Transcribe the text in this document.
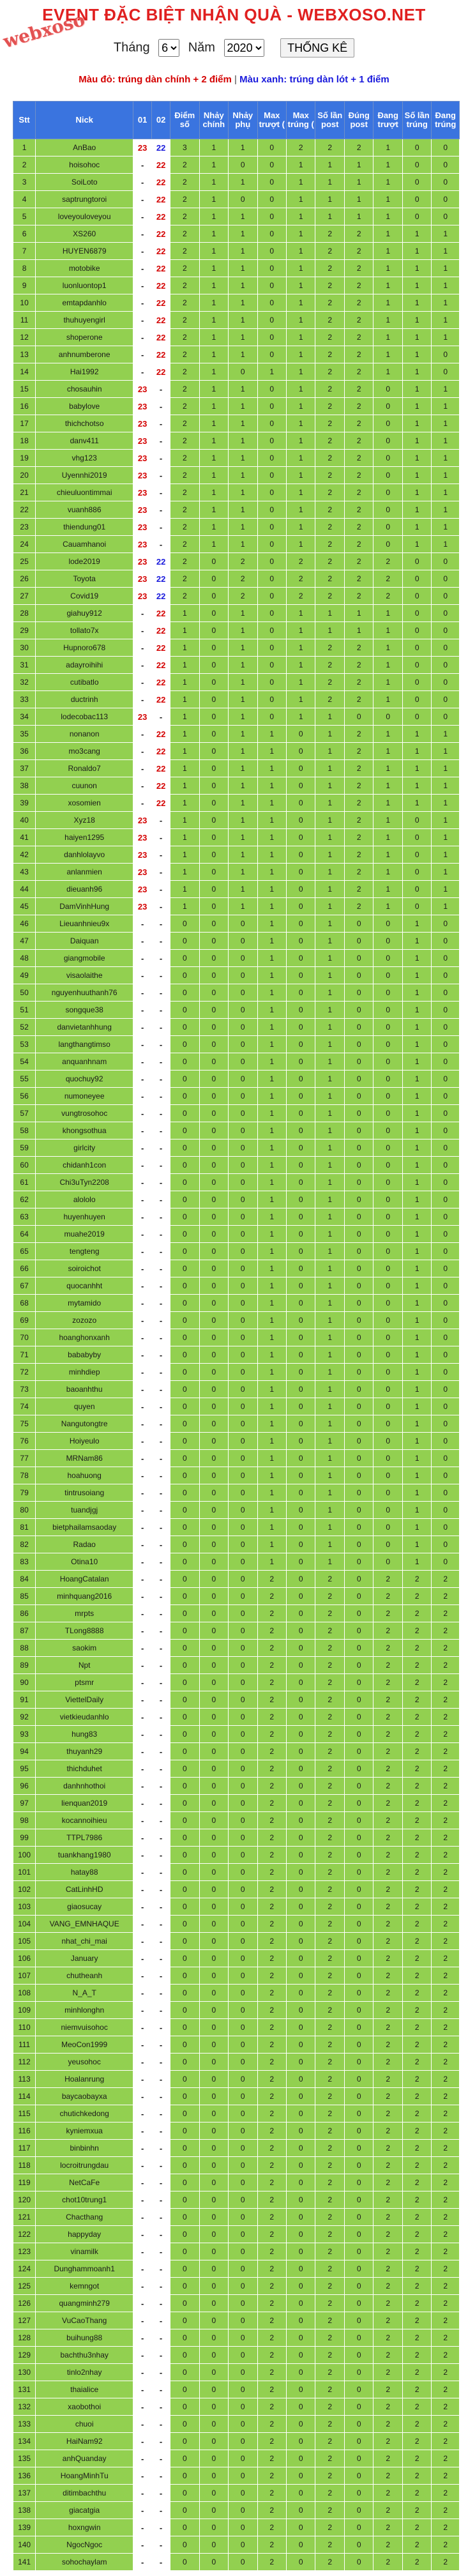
webxoso
EVENT ĐẶC BIỆT NHẬN QUÀ - WEBXOSO.NET
Tháng
6	Năm
2020	THỐNG KÊ
Màu đỏ: trúng dàn chính + 2 điểm | Màu xanh: trúng dàn lót + 1 điểm
Stt	Nick	01	02	Điểm số	Nhảy chính	Nhảy phụ	Max trượt (	Max trúng (	Số lần post	Đúng post	Đang trượt	Số lần trúng	Đang trúng
1	AnBao	23	22	3	1	1	0	2	2	2	1	0	0
2	hoisohoc	-	22	2	1	0	0	1	1	1	1	0	0
3	SoiLoto	-	22	2	1	1	0	1	1	1	1	0	0
4	saptrungtoroi	-	22	2	1	0	0	1	1	1	1	0	0
5	loveyouloveyou	-	22	2	1	1	0	1	1	1	1	0	0
6	XS260	-	22	2	1	1	0	1	2	2	1	1	1
7	HUYEN6879	-	22	2	1	1	0	1	2	2	1	1	1
8	motobike	-	22	2	1	1	0	1	2	2	1	1	1
9	luonluontop1	-	22	2	1	1	0	1	2	2	1	1	1
10	emtapdanhlo	-	22	2	1	1	0	1	2	2	1	1	1
11	thuhuyengirl	-	22	2	1	1	0	1	2	2	1	1	1
12	shoperone	-	22	2	1	1	0	1	2	2	1	1	1
13	anhnumberone	-	22	2	1	1	0	1	2	2	1	1	0
14	Hai1992	-	22	2	1	0	1	1	2	2	1	1	0
15	chosauhin	23	-	2	1	1	0	1	2	2	0	1	1
16	babylove	23	-	2	1	1	0	1	2	2	0	1	1
17	thichchotso	23	-	2	1	1	0	1	2	2	0	1	1
18	danv411	23	-	2	1	1	0	1	2	2	0	1	1
19	vhg123	23	-	2	1	1	0	1	2	2	0	1	1
20	Uyennhi2019	23	-	2	1	1	0	1	2	2	0	1	1
21	chieuluontimmai	23	-	2	1	1	0	1	2	2	0	1	1
22	vuanh886	23	-	2	1	1	0	1	2	2	0	1	1
23	thiendung01	23	-	2	1	1	0	1	2	2	0	1	1
24	Cauamhanoi	23	-	2	1	1	0	1	2	2	0	1	1
25	lode2019	23	22	2	0	2	0	2	2	2	2	0	0
26	Toyota	23	22	2	0	2	0	2	2	2	2	0	0
27	Covid19	23	22	2	0	2	0	2	2	2	2	0	0
28	giahuy912	-	22	1	0	1	0	1	1	1	1	0	0
29	tollato7x	-	22	1	0	1	0	1	1	1	1	0	0
30	Hupnoro678	-	22	1	0	1	0	1	2	2	1	0	0
31	adayroihihi	-	22	1	0	1	0	1	2	2	1	0	0
32	cutibatlo	-	22	1	0	1	0	1	2	2	1	0	0
33	ductrinh	-	22	1	0	1	0	1	2	2	1	0	0
34	lodecobac113	23	-	1	0	1	0	1	1	0	0	0	0
35	nonanon	-	22	1	0	1	1	0	1	2	1	1	1
36	mo3cang	-	22	1	0	1	1	0	1	2	1	1	1
37	Ronaldo7	-	22	1	0	1	1	0	1	2	1	1	1
38	cuunon	-	22	1	0	1	1	0	1	2	1	1	1
39	xosomien	-	22	1	0	1	1	0	1	2	1	1	1
40	Xyz18	23	-	1	0	1	1	0	1	2	1	0	1
41	haiyen1295	23	-	1	0	1	1	0	1	2	1	0	1
42	danhlolayvo	23	-	1	0	1	1	0	1	2	1	0	1
43	anlanmien	23	-	1	0	1	1	0	1	2	1	0	1
44	dieuanh96	23	-	1	0	1	1	0	1	2	1	0	1
45	DamVinhHung	23	-	1	0	1	1	0	1	2	1	0	1
46	Lieuanhnieu9x	-	-	0	0	0	1	0	1	0	0	1	0
47	Daiquan	-	-	0	0	0	1	0	1	0	0	1	0
48	giangmobile	-	-	0	0	0	1	0	1	0	0	1	0
49	visaolaithe	-	-	0	0	0	1	0	1	0	0	1	0
50	nguyenhuuthanh76	-	-	0	0	0	1	0	1	0	0	1	0
51	songque38	-	-	0	0	0	1	0	1	0	0	1	0
52	danvietanhhung	-	-	0	0	0	1	0	1	0	0	1	0
53	langthangtimso	-	-	0	0	0	1	0	1	0	0	1	0
54	anquanhnam	-	-	0	0	0	1	0	1	0	0	1	0
55	quochuy92	-	-	0	0	0	1	0	1	0	0	1	0
56	numoneyee	-	-	0	0	0	1	0	1	0	0	1	0
57	vungtrosohoc	-	-	0	0	0	1	0	1	0	0	1	0
58	khongsothua	-	-	0	0	0	1	0	1	0	0	1	0
59	girlcity	-	-	0	0	0	1	0	1	0	0	1	0
60	chidanh1con	-	-	0	0	0	1	0	1	0	0	1	0
61	Chi3uTyn2208	-	-	0	0	0	1	0	1	0	0	1	0
62	alololo	-	-	0	0	0	1	0	1	0	0	1	0
63	huyenhuyen	-	-	0	0	0	1	0	1	0	0	1	0
64	muahe2019	-	-	0	0	0	1	0	1	0	0	1	0
65	tengteng	-	-	0	0	0	1	0	1	0	0	1	0
66	soiroichot	-	-	0	0	0	1	0	1	0	0	1	0
67	quocanhht	-	-	0	0	0	1	0	1	0	0	1	0
68	mytamido	-	-	0	0	0	1	0	1	0	0	1	0
69	zozozo	-	-	0	0	0	1	0	1	0	0	1	0
70	hoanghonxanh	-	-	0	0	0	1	0	1	0	0	1	0
71	bababyby	-	-	0	0	0	1	0	1	0	0	1	0
72	minhdiep	-	-	0	0	0	1	0	1	0	0	1	0
73	baoanhthu	-	-	0	0	0	1	0	1	0	0	1	0
74	quyen	-	-	0	0	0	1	0	1	0	0	1	0
75	Nangutongtre	-	-	0	0	0	1	0	1	0	0	1	0
76	Hoiyeulo	-	-	0	0	0	1	0	1	0	0	1	0
77	MRNam86	-	-	0	0	0	1	0	1	0	0	1	0
78	hoahuong	-	-	0	0	0	1	0	1	0	0	1	0
79	tintrusoiang	-	-	0	0	0	1	0	1	0	0	1	0
80	tuandjgj	-	-	0	0	0	1	0	1	0	0	1	0
81	bietphailamsaoday	-	-	0	0	0	1	0	1	0	0	1	0
82	Radao	-	-	0	0	0	1	0	1	0	0	1	0
83	Otina10	-	-	0	0	0	1	0	1	0	0	1	0
84	HoangCatalan	-	-	0	0	0	2	0	2	0	2	2	2
85	minhquang2016	-	-	0	0	0	2	0	2	0	2	2	2
86	mrpts	-	-	0	0	0	2	0	2	0	2	2	2
87	TLong8888	-	-	0	0	0	2	0	2	0	2	2	2
88	saokim	-	-	0	0	0	2	0	2	0	2	2	2
89	Npt	-	-	0	0	0	2	0	2	0	2	2	2
90	ptsmr	-	-	0	0	0	2	0	2	0	2	2	2
91	ViettelDaily	-	-	0	0	0	2	0	2	0	2	2	2
92	vietkieudanhlo	-	-	0	0	0	2	0	2	0	2	2	2
93	hung83	-	-	0	0	0	2	0	2	0	2	2	2
94	thuyanh29	-	-	0	0	0	2	0	2	0	2	2	2
95	thichduhet	-	-	0	0	0	2	0	2	0	2	2	2
96	danhnhothoi	-	-	0	0	0	2	0	2	0	2	2	2
97	lienquan2019	-	-	0	0	0	2	0	2	0	2	2	2
98	kocannoihieu	-	-	0	0	0	2	0	2	0	2	2	2
99	TTPL7986	-	-	0	0	0	2	0	2	0	2	2	2
100	tuankhang1980	-	-	0	0	0	2	0	2	0	2	2	2
101	hatay88	-	-	0	0	0	2	0	2	0	2	2	2
102	CatLinhHD	-	-	0	0	0	2	0	2	0	2	2	2
103	giaosucay	-	-	0	0	0	2	0	2	0	2	2	2
104	VANG_EMNHAQUE	-	-	0	0	0	2	0	2	0	2	2	2
105	nhat_chi_mai	-	-	0	0	0	2	0	2	0	2	2	2
106	January	-	-	0	0	0	2	0	2	0	2	2	2
107	chutheanh	-	-	0	0	0	2	0	2	0	2	2	2
108	N_A_T	-	-	0	0	0	2	0	2	0	2	2	2
109	minhlonghn	-	-	0	0	0	2	0	2	0	2	2	2
110	niemvuisohoc	-	-	0	0	0	2	0	2	0	2	2	2
111	MeoCon1999	-	-	0	0	0	2	0	2	0	2	2	2
112	yeusohoc	-	-	0	0	0	2	0	2	0	2	2	2
113	Hoalanrung	-	-	0	0	0	2	0	2	0	2	2	2
114	baycaobayxa	-	-	0	0	0	2	0	2	0	2	2	2
115	chutichkedong	-	-	0	0	0	2	0	2	0	2	2	2
116	kyniemxua	-	-	0	0	0	2	0	2	0	2	2	2
117	binbinhn	-	-	0	0	0	2	0	2	0	2	2	2
118	locroitrungdau	-	-	0	0	0	2	0	2	0	2	2	2
119	NetCaFe	-	-	0	0	0	2	0	2	0	2	2	2
120	chot10trung1	-	-	0	0	0	2	0	2	0	2	2	2
121	Chacthang	-	-	0	0	0	2	0	2	0	2	2	2
122	happyday	-	-	0	0	0	2	0	2	0	2	2	2
123	vinamilk	-	-	0	0	0	2	0	2	0	2	2	2
124	Dunghammoanh1	-	-	0	0	0	2	0	2	0	2	2	2
125	kemngot	-	-	0	0	0	2	0	2	0	2	2	2
126	quangminh279	-	-	0	0	0	2	0	2	0	2	2	2
127	VuCaoThang	-	-	0	0	0	2	0	2	0	2	2	2
128	buihung88	-	-	0	0	0	2	0	2	0	2	2	2
129	bachthu3nhay	-	-	0	0	0	2	0	2	0	2	2	2
130	tinlo2nhay	-	-	0	0	0	2	0	2	0	2	2	2
131	thaialice	-	-	0	0	0	2	0	2	0	2	2	2
132	xaobothoi	-	-	0	0	0	2	0	2	0	2	2	2
133	chuoi	-	-	0	0	0	2	0	2	0	2	2	2
134	HaiNam92	-	-	0	0	0	2	0	2	0	2	2	2
135	anhQuanday	-	-	0	0	0	2	0	2	0	2	2	2
136	HoangMinhTu	-	-	0	0	0	2	0	2	0	2	2	2
137	ditimbachthu	-	-	0	0	0	2	0	2	0	2	2	2
138	giacatgia	-	-	0	0	0	2	0	2	0	2	2	2
139	hoxngwin	-	-	0	0	0	2	0	2	0	2	2	2
140	NgocNgoc	-	-	0	0	0	2	0	2	0	2	2	2
141	sohochaylam	-	-	0	0	0	2	0	2	0	2	2	2
